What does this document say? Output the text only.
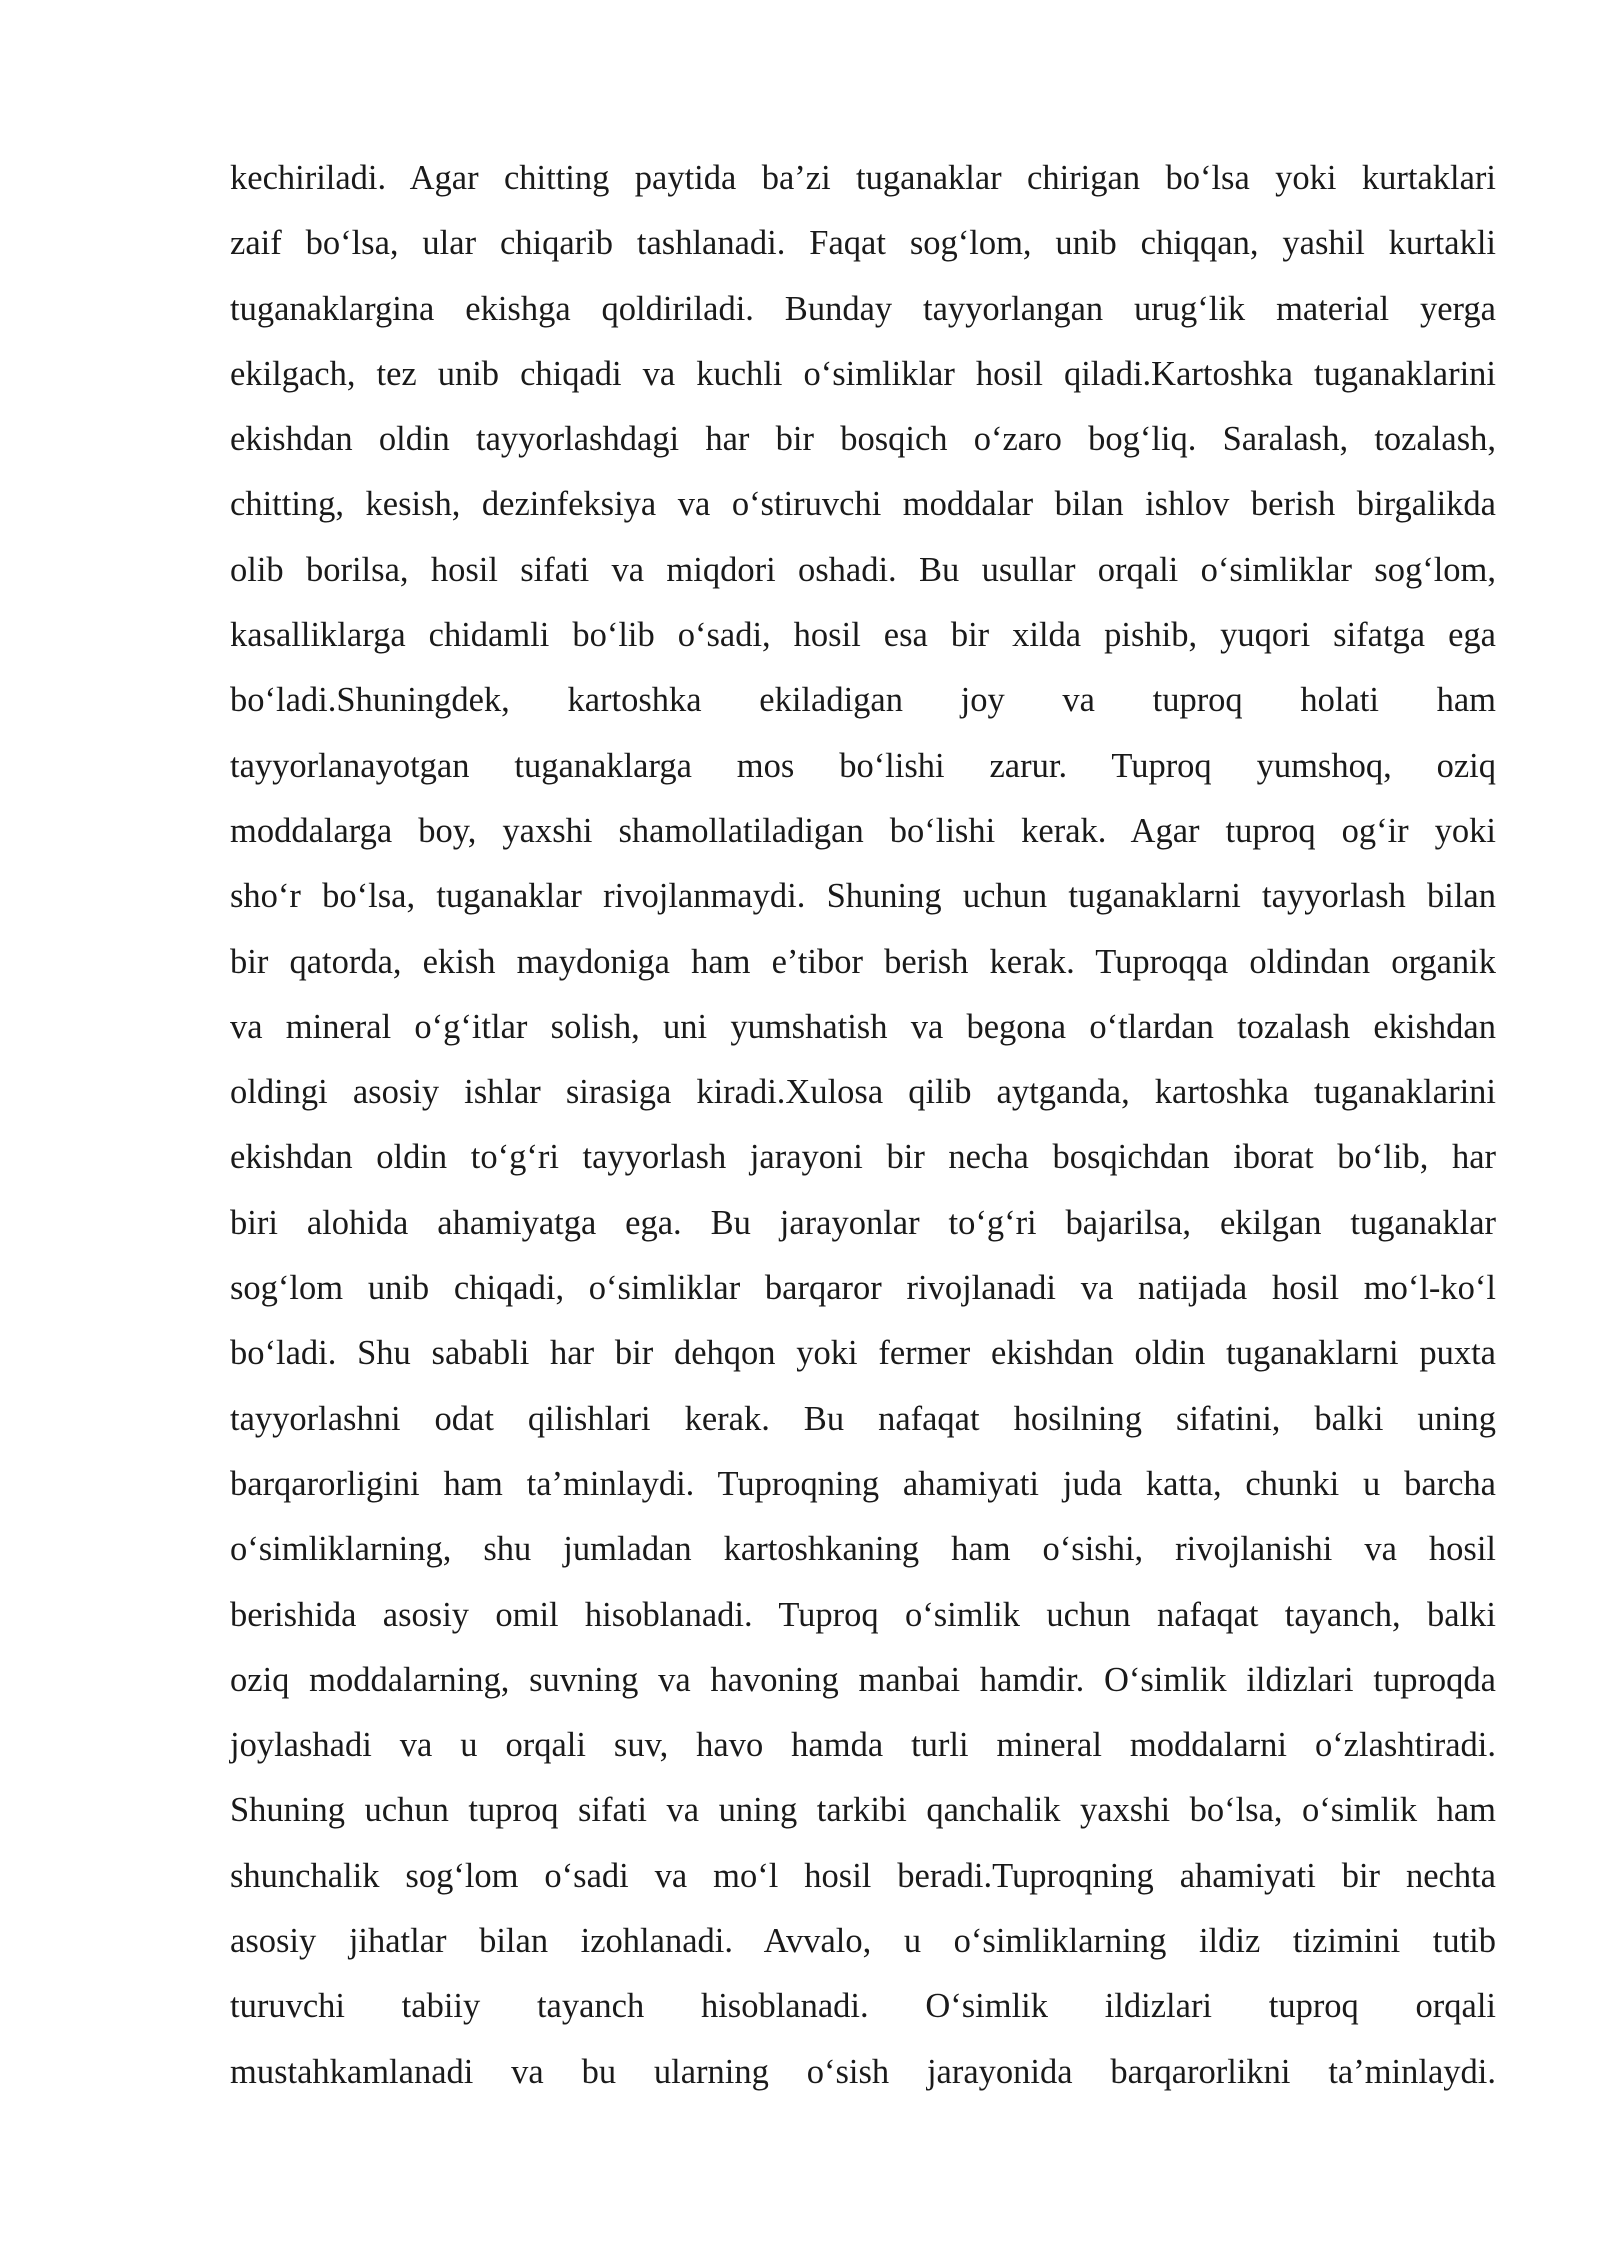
kechiriladi. Agar chitting paytida ba’zi tuganaklar chirigan bo‘lsa yoki kurtaklari
zaif bo‘lsa, ular chiqarib tashlanadi. Faqat sog‘lom, unib chiqqan, yashil kurtakli
tuganaklargina ekishga qoldiriladi. Bunday tayyorlangan urug‘lik material yerga
ekilgach, tez unib chiqadi va kuchli o‘simliklar hosil qiladi.Kartoshka tuganaklarini
ekishdan oldin tayyorlashdagi har bir bosqich o‘zaro bog‘liq. Saralash, tozalash,
chitting, kesish, dezinfeksiya va o‘stiruvchi moddalar bilan ishlov berish birgalikda
olib borilsa, hosil sifati va miqdori oshadi. Bu usullar orqali o‘simliklar sog‘lom,
kasalliklarga chidamli bo‘lib o‘sadi, hosil esa bir xilda pishib, yuqori sifatga ega
bo‘ladi.Shuningdek, kartoshka ekiladigan joy va tuproq holati ham
tayyorlanayotgan tuganaklarga mos bo‘lishi zarur. Tuproq yumshoq, oziq
moddalarga boy, yaxshi shamollatiladigan bo‘lishi kerak. Agar tuproq og‘ir yoki
sho‘r bo‘lsa, tuganaklar rivojlanmaydi. Shuning uchun tuganaklarni tayyorlash bilan
bir qatorda, ekish maydoniga ham e’tibor berish kerak. Tuproqqa oldindan organik
va mineral o‘g‘itlar solish, uni yumshatish va begona o‘tlardan tozalash ekishdan
oldingi asosiy ishlar sirasiga kiradi.Xulosa qilib aytganda, kartoshka tuganaklarini
ekishdan oldin to‘g‘ri tayyorlash jarayoni bir necha bosqichdan iborat bo‘lib, har
biri alohida ahamiyatga ega. Bu jarayonlar to‘g‘ri bajarilsa, ekilgan tuganaklar
sog‘lom unib chiqadi, o‘simliklar barqaror rivojlanadi va natijada hosil mo‘l-ko‘l
bo‘ladi. Shu sababli har bir dehqon yoki fermer ekishdan oldin tuganaklarni puxta
tayyorlashni odat qilishlari kerak. Bu nafaqat hosilning sifatini, balki uning
barqarorligini ham ta’minlaydi. Tuproqning ahamiyati juda katta, chunki u barcha
o‘simliklarning, shu jumladan kartoshkaning ham o‘sishi, rivojlanishi va hosil
berishida asosiy omil hisoblanadi. Tuproq o‘simlik uchun nafaqat tayanch, balki
oziq moddalarning, suvning va havoning manbai hamdir. O‘simlik ildizlari tuproqda
joylashadi va u orqali suv, havo hamda turli mineral moddalarni o‘zlashtiradi.
Shuning uchun tuproq sifati va uning tarkibi qanchalik yaxshi bo‘lsa, o‘simlik ham
shunchalik sog‘lom o‘sadi va mo‘l hosil beradi.Tuproqning ahamiyati bir nechta
asosiy jihatlar bilan izohlanadi. Avvalo, u o‘simliklarning ildiz tizimini tutib
turuvchi tabiiy tayanch hisoblanadi. O‘simlik ildizlari tuproq orqali
mustahkamlanadi va bu ularning o‘sish jarayonida barqarorlikni ta’minlaydi.
